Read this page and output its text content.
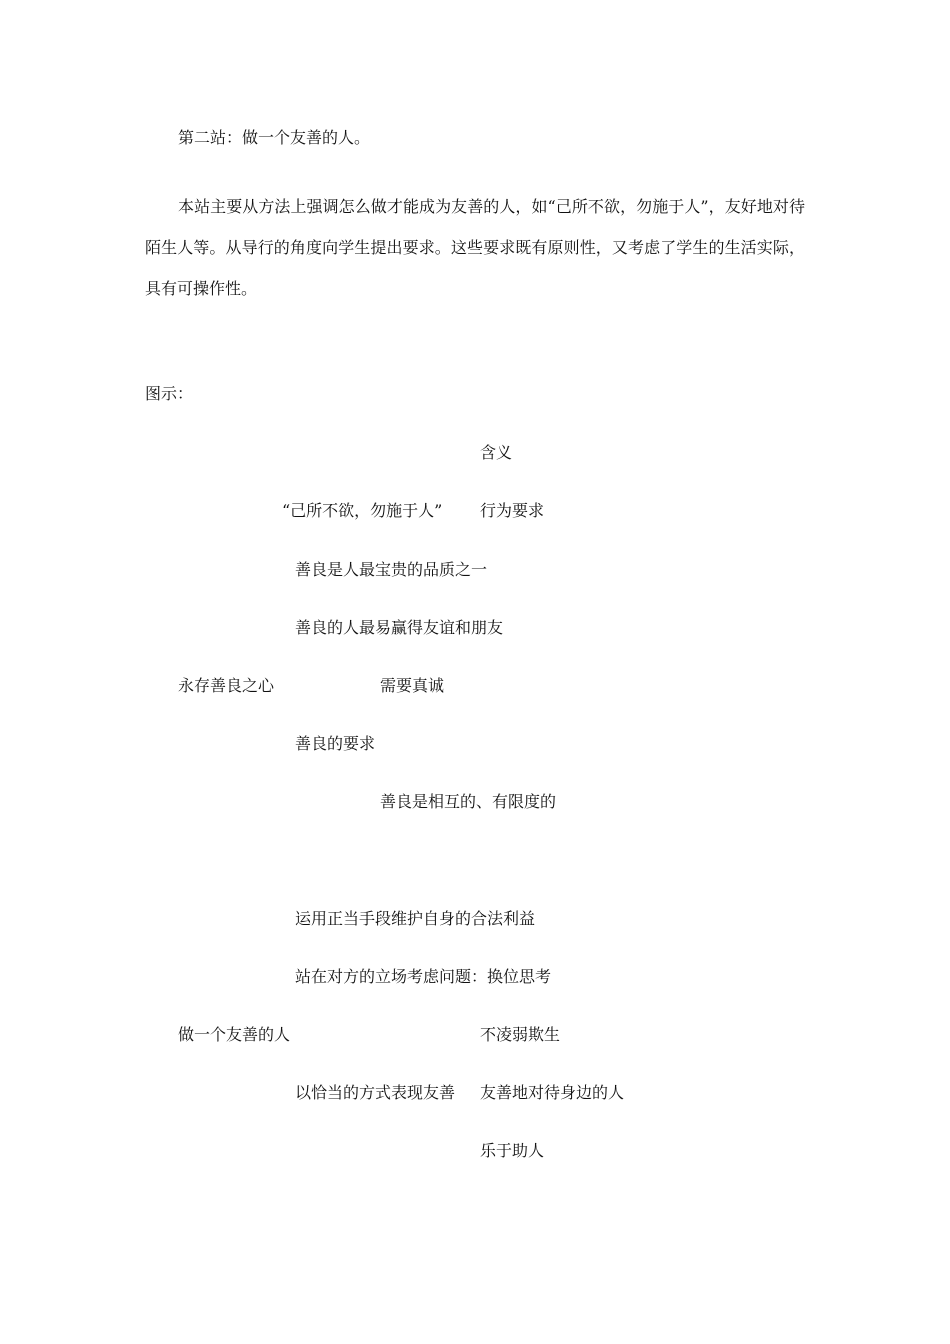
第二站：做一个友善的人。
本站主要从方法上强调怎么做才能成为友善的人，如“己所不欲，勿施于人”，友好地对待陌生人等。从导行的角度向学生提出要求。这些要求既有原则性，又考虑了学生的生活实际，具有可操作性。
图示：
含义
“己所不欲，勿施于人” 行为要求
善良是人最宝贵的品质之一
善良的人最易赢得友谊和朋友
永存善良之心	需要真诚
善良的要求
善良是相互的、有限度的
运用正当手段维护自身的合法利益
站在对方的立场考虑问题：换位思考
做一个友善的人	不凌弱欺生
以恰当的方式表现友善 友善地对待身边的人
乐于助人
